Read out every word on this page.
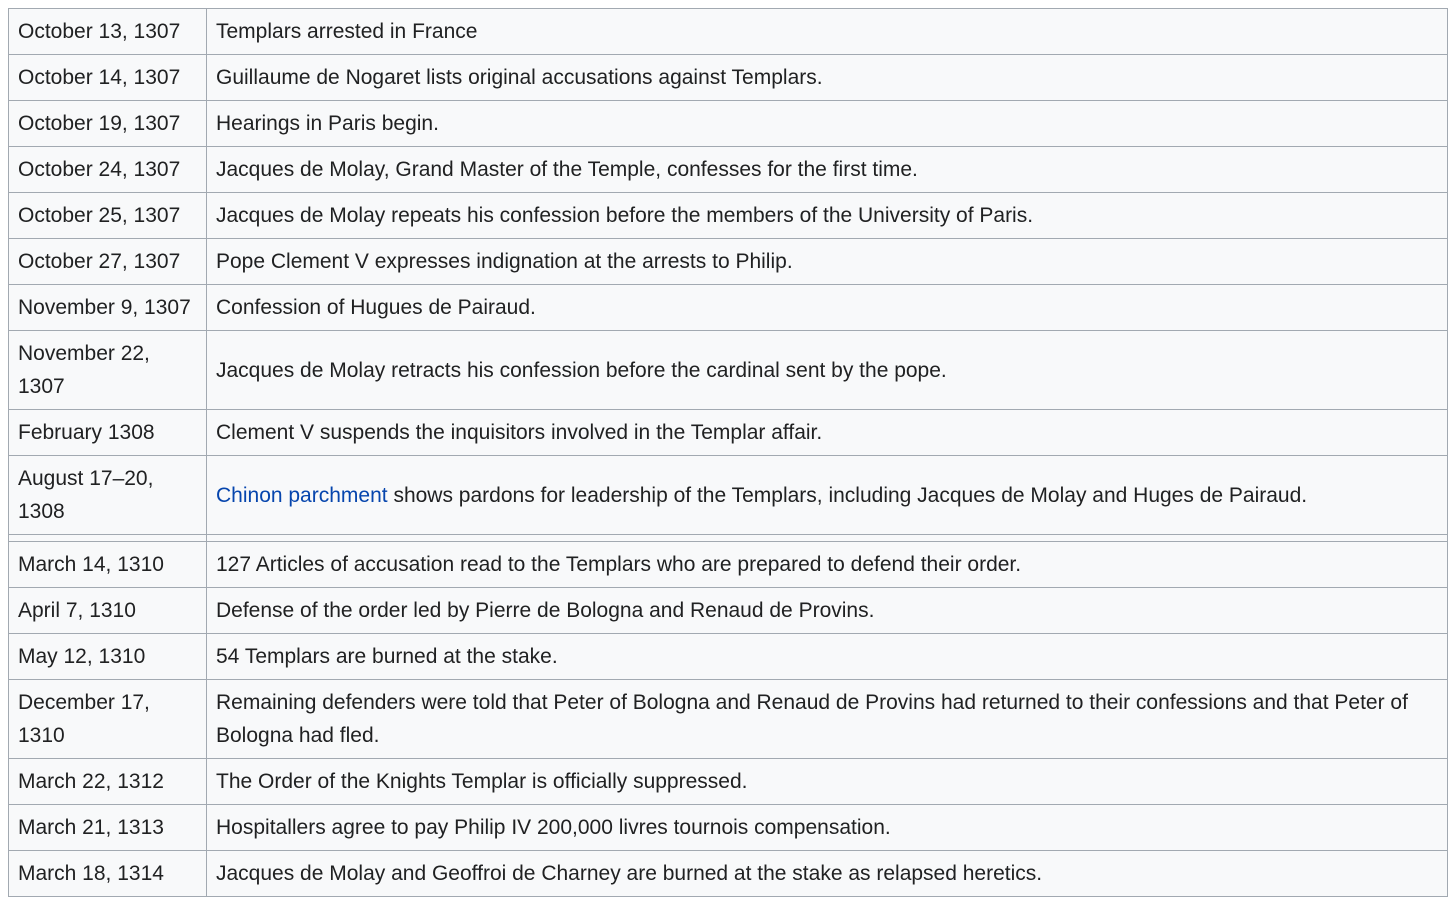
October 13, 1307	Templars arrested in France
October 14, 1307	Guillaume de Nogaret lists original accusations against Templars.
October 19, 1307	Hearings in Paris begin.
October 24, 1307	Jacques de Molay, Grand Master of the Temple, confesses for the first time.
October 25, 1307	Jacques de Molay repeats his confession before the members of the University of Paris.
October 27, 1307	Pope Clement V expresses indignation at the arrests to Philip.
November 9, 1307	Confession of Hugues de Pairaud.
November 22, 1307	Jacques de Molay retracts his confession before the cardinal sent by the pope.
February 1308	Clement V suspends the inquisitors involved in the Templar affair.
August 17–20, 1308	Chinon parchment shows pardons for leadership of the Templars, including Jacques de Molay and Huges de Pairaud.

March 14, 1310	127 Articles of accusation read to the Templars who are prepared to defend their order.
April 7, 1310	Defense of the order led by Pierre de Bologna and Renaud de Provins.
May 12, 1310	54 Templars are burned at the stake.
December 17, 1310	Remaining defenders were told that Peter of Bologna and Renaud de Provins had returned to their confessions and that Peter of Bologna had fled.
March 22, 1312	The Order of the Knights Templar is officially suppressed.
March 21, 1313	Hospitallers agree to pay Philip IV 200,000 livres tournois compensation.
March 18, 1314	Jacques de Molay and Geoffroi de Charney are burned at the stake as relapsed heretics.
